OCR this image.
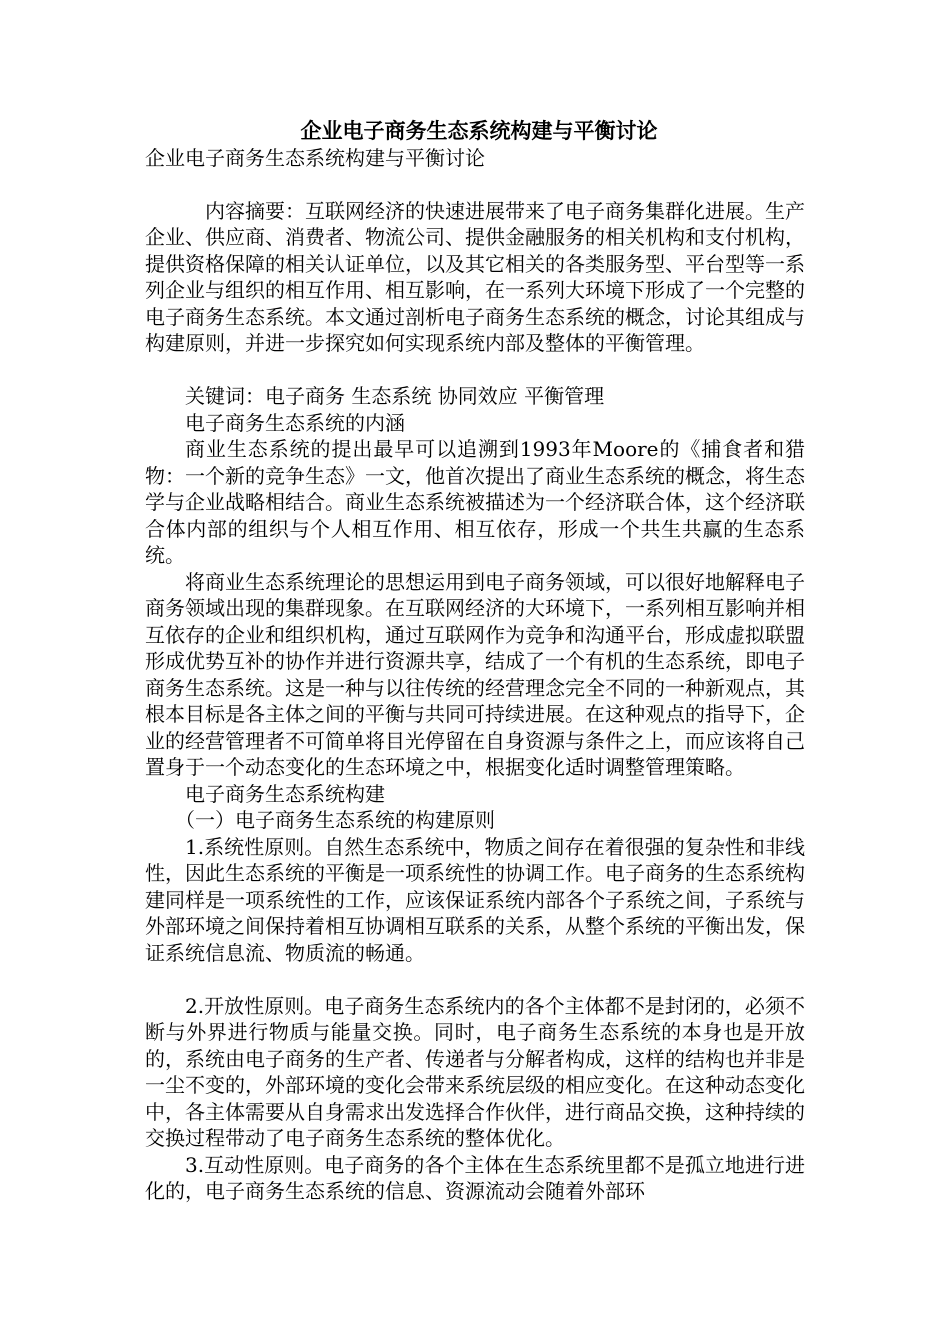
企业电子商务生态系统构建与平衡讨论

企业电子商务生态系统构建与平衡讨论

内容摘要：互联网经济的快速进展带来了电子商务集群化进展。生产企业、供应商、消费者、物流公司、提供金融服务的相关机构和支付机构，提供资格保障的相关认证单位，以及其它相关的各类服务型、平台型等一系列企业与组织的相互作用、相互影响，在一系列大环境下形成了一个完整的电子商务生态系统。本文通过剖析电子商务生态系统的概念，讨论其组成与构建原则，并进一步探究如何实现系统内部及整体的平衡管理。

关键词：电子商务 生态系统 协同效应 平衡管理

电子商务生态系统的内涵

商业生态系统的提出最早可以追溯到1993年Moore的《捕食者和猎物：一个新的竞争生态》一文，他首次提出了商业生态系统的概念，将生态学与企业战略相结合。商业生态系统被描述为一个经济联合体，这个经济联合体内部的组织与个人相互作用、相互依存，形成一个共生共赢的生态系统。

将商业生态系统理论的思想运用到电子商务领域，可以很好地解释电子商务领域出现的集群现象。在互联网经济的大环境下，一系列相互影响并相互依存的企业和组织机构，通过互联网作为竞争和沟通平台，形成虚拟联盟形成优势互补的协作并进行资源共享，结成了一个有机的生态系统，即电子商务生态系统。这是一种与以往传统的经营理念完全不同的一种新观点，其根本目标是各主体之间的平衡与共同可持续进展。在这种观点的指导下，企业的经营管理者不可简单将目光停留在自身资源与条件之上，而应该将自己置身于一个动态变化的生态环境之中，根据变化适时调整管理策略。

电子商务生态系统构建

（一）电子商务生态系统的构建原则

1.系统性原则。自然生态系统中，物质之间存在着很强的复杂性和非线性，因此生态系统的平衡是一项系统性的协调工作。电子商务的生态系统构建同样是一项系统性的工作，应该保证系统内部各个子系统之间，子系统与外部环境之间保持着相互协调相互联系的关系，从整个系统的平衡出发，保证系统信息流、物质流的畅通。

2.开放性原则。电子商务生态系统内的各个主体都不是封闭的，必须不断与外界进行物质与能量交换。同时，电子商务生态系统的本身也是开放的，系统由电子商务的生产者、传递者与分解者构成，这样的结构也并非是一尘不变的，外部环境的变化会带来系统层级的相应变化。在这种动态变化中，各主体需要从自身需求出发选择合作伙伴，进行商品交换，这种持续的交换过程带动了电子商务生态系统的整体优化。

3.互动性原则。电子商务的各个主体在生态系统里都不是孤立地进行进化的，电子商务生态系统的信息、资源流动会随着外部环
